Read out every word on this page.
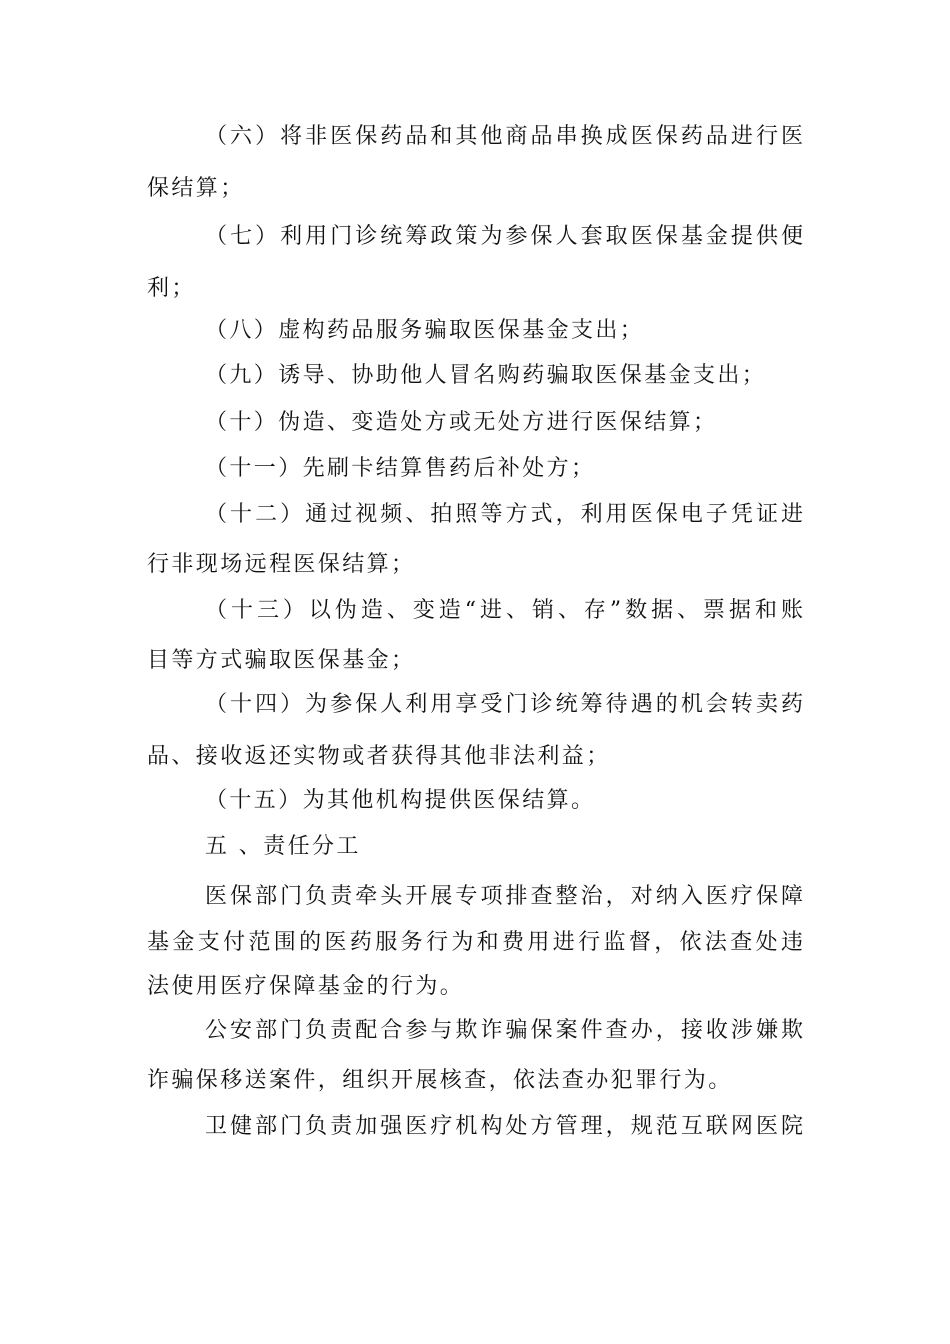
（六）将非医保药品和其他商品串换成医保药品进行医
保结算；
（七）利用门诊统筹政策为参保人套取医保基金提供便
利；
（八）虚构药品服务骗取医保基金支出；
（九）诱导、协助他人冒名购药骗取医保基金支出；
（十）伪造、变造处方或无处方进行医保结算；
（十一）先刷卡结算售药后补处方；
（十二）通过视频、拍照等方式，利用医保电子凭证进
行非现场远程医保结算；
（十三）以伪造、变造“进、销、存”数据、票据和账
目等方式骗取医保基金；
（十四）为参保人利用享受门诊统筹待遇的机会转卖药
品、接收返还实物或者获得其他非法利益；
（十五）为其他机构提供医保结算。
五 、责任分工
医保部门负责牵头开展专项排查整治，对纳入医疗保障
基金支付范围的医药服务行为和费用进行监督，依法查处违
法使用医疗保障基金的行为。
公安部门负责配合参与欺诈骗保案件查办，接收涉嫌欺
诈骗保移送案件，组织开展核查，依法查办犯罪行为。
卫健部门负责加强医疗机构处方管理，规范互联网医院
